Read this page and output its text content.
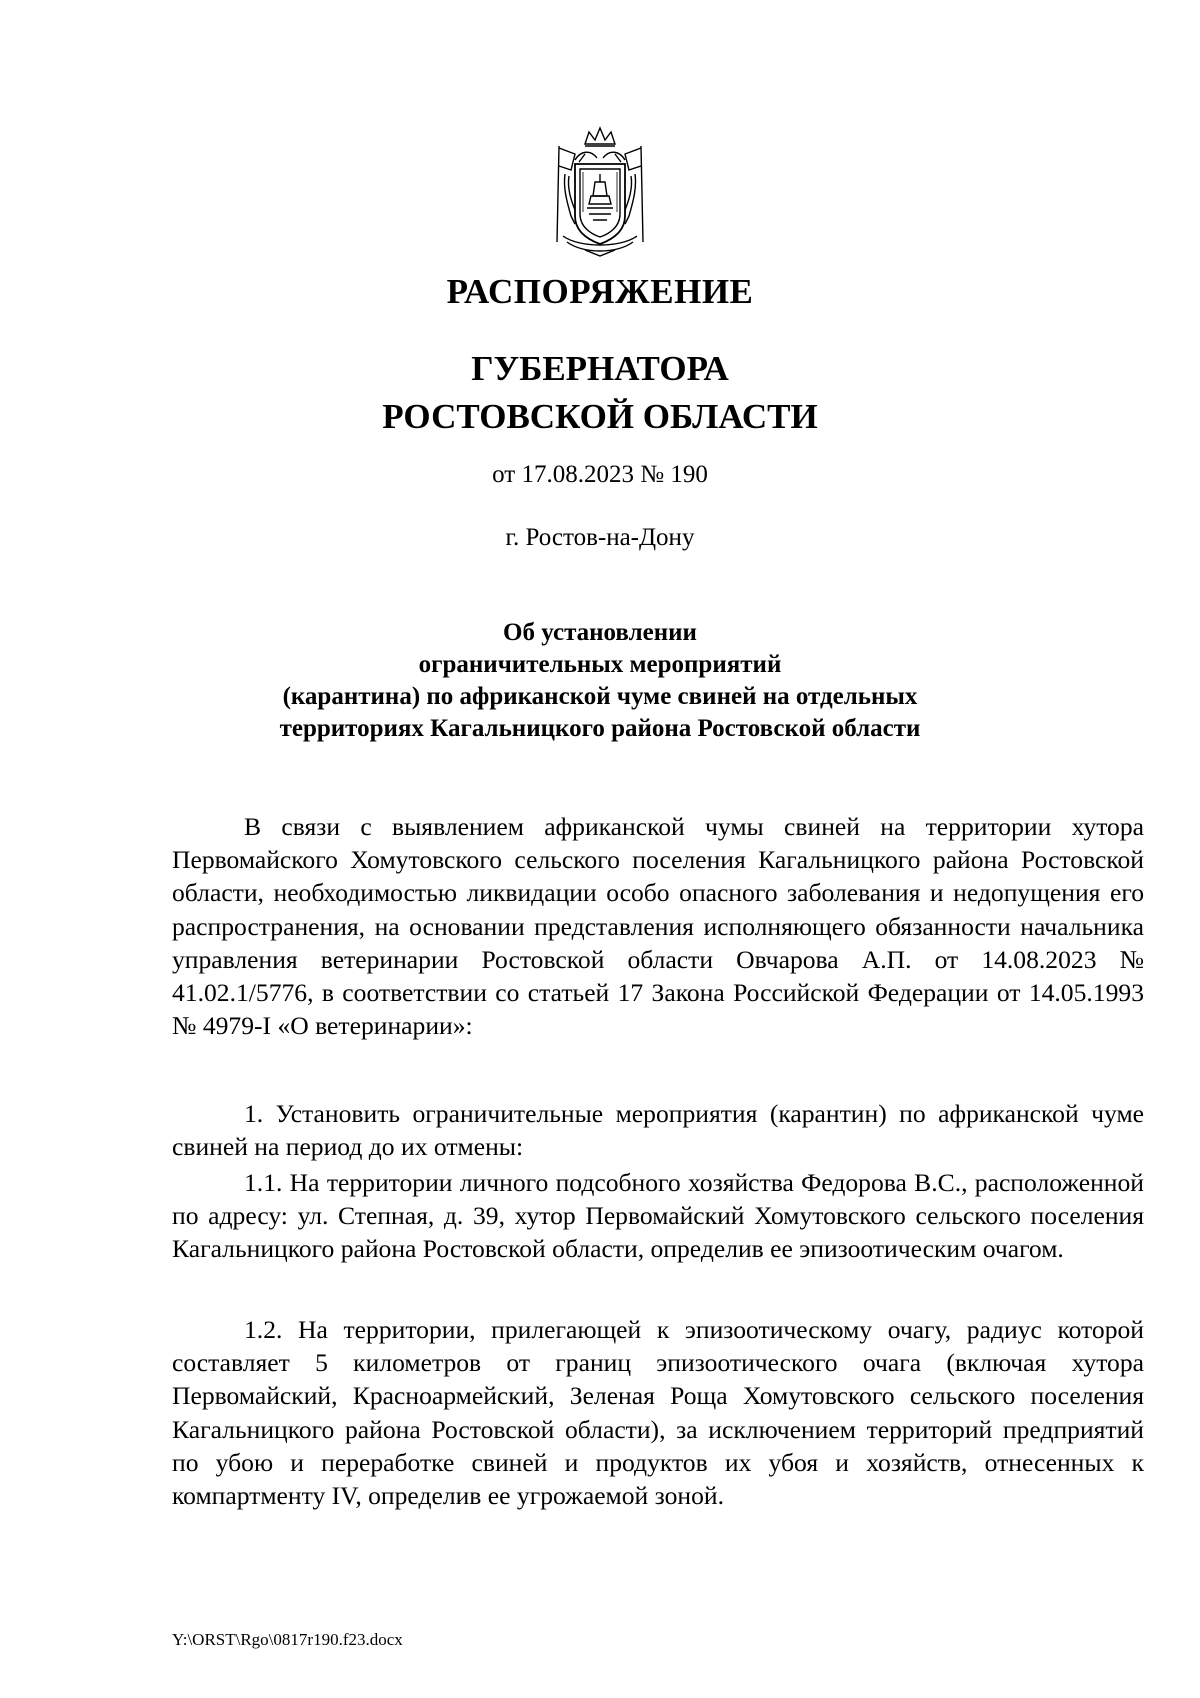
РАСПОРЯЖЕНИЕ

ГУБЕРНАТОРА
РОСТОВСКОЙ ОБЛАСТИ

от 17.08.2023 № 190

г. Ростов-на-Дону

Об установлении
ограничительных мероприятий
(карантина) по африканской чуме свиней на отдельных
территориях Кагальницкого района Ростовской области

В связи с выявлением африканской чумы свиней на территории хутора Первомайского Хомутовского сельского поселения Кагальницкого района Ростовской области, необходимостью ликвидации особо опасного заболевания и недопущения его распространения, на основании представления исполняющего обязанности начальника управления ветеринарии Ростовской области Овчарова А.П. от 14.08.2023 № 41.02.1/5776, в соответствии со статьей 17 Закона Российской Федерации от 14.05.1993 № 4979-I «О ветеринарии»:

1. Установить ограничительные мероприятия (карантин) по африканской чуме свиней на период до их отмены:

1.1. На территории личного подсобного хозяйства Федорова В.С., расположенной по адресу: ул. Степная, д. 39, хутор Первомайский Хомутовского сельского поселения Кагальницкого района Ростовской области, определив ее эпизоотическим очагом.

1.2. На территории, прилегающей к эпизоотическому очагу, радиус которой составляет 5 километров от границ эпизоотического очага (включая хутора Первомайский, Красноармейский, Зеленая Роща Хомутовского сельского поселения Кагальницкого района Ростовской области), за исключением территорий предприятий по убою и переработке свиней и продуктов их убоя и хозяйств, отнесенных к компартменту IV, определив ее угрожаемой зоной.

Y:\ORST\Rgo\0817r190.f23.docx
